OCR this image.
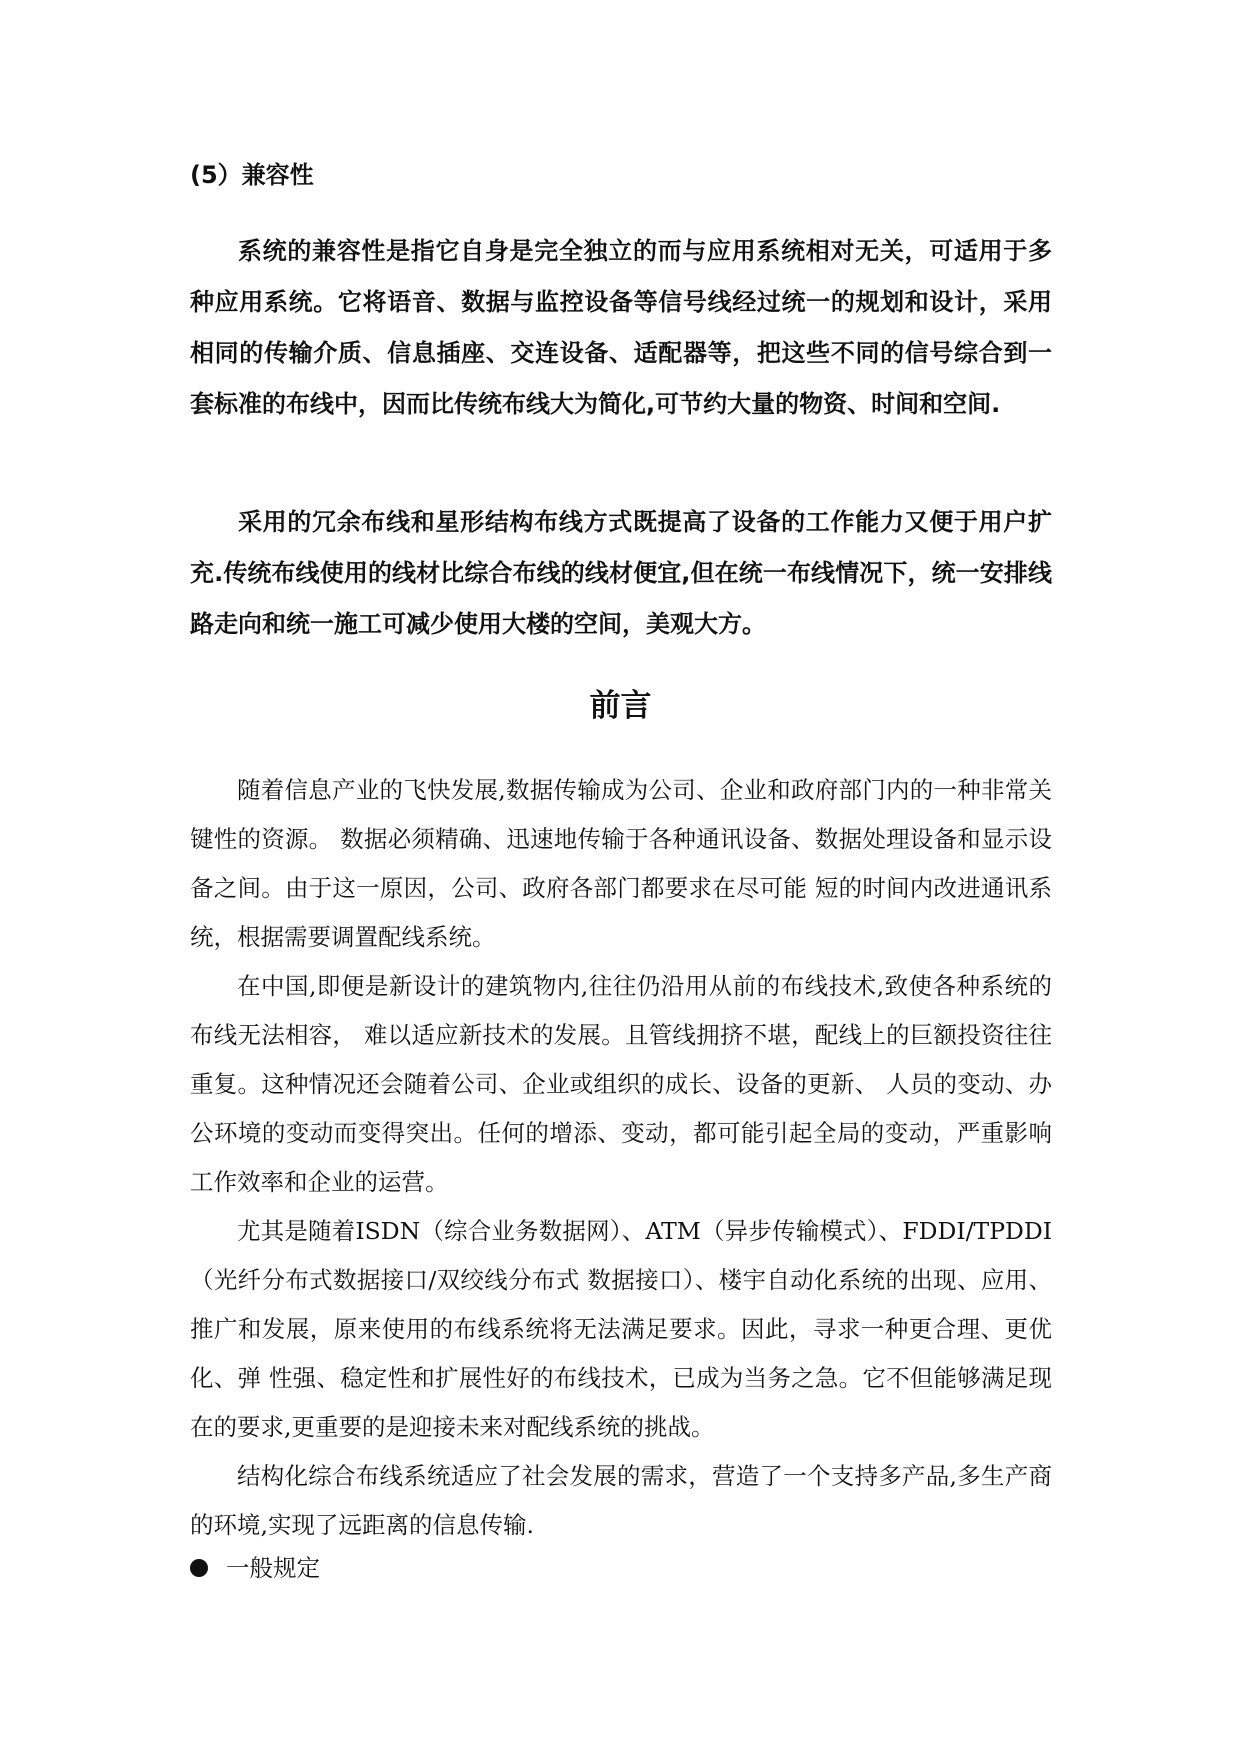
(5）兼容性

系统的兼容性是指它自身是完全独立的而与应用系统相对无关，可适用于多种应用系统。它将语音、数据与监控设备等信号线经过统一的规划和设计，采用相同的传输介质、信息插座、交连设备、适配器等，把这些不同的信号综合到一套标准的布线中，因而比传统布线大为简化,可节约大量的物资、时间和空间.

采用的冗余布线和星形结构布线方式既提高了设备的工作能力又便于用户扩充.传统布线使用的线材比综合布线的线材便宜,但在统一布线情况下，统一安排线路走向和统一施工可减少使用大楼的空间，美观大方。

前言

随着信息产业的飞快发展,数据传输成为公司、企业和政府部门内的一种非常关键性的资源。 数据必须精确、迅速地传输于各种通讯设备、数据处理设备和显示设备之间。由于这一原因，公司、政府各部门都要求在尽可能 短的时间内改进通讯系统，根据需要调置配线系统。

在中国,即便是新设计的建筑物内,往往仍沿用从前的布线技术,致使各种系统的布线无法相容， 难以适应新技术的发展。且管线拥挤不堪，配线上的巨额投资往往重复。这种情况还会随着公司、企业或组织的成长、设备的更新、 人员的变动、办公环境的变动而变得突出。任何的增添、变动，都可能引起全局的变动，严重影响工作效率和企业的运营。

尤其是随着ISDN（综合业务数据网）、ATM（异步传输模式）、FDDI/TPDDI（光纤分布式数据接口/双绞线分布式 数据接口）、楼宇自动化系统的出现、应用、推广和发展，原来使用的布线系统将无法满足要求。因此，寻求一种更合理、更优化、弹 性强、稳定性和扩展性好的布线技术，已成为当务之急。它不但能够满足现在的要求,更重要的是迎接未来对配线系统的挑战。

结构化综合布线系统适应了社会发展的需求，营造了一个支持多产品,多生产商的环境,实现了远距离的信息传输.

一般规定
